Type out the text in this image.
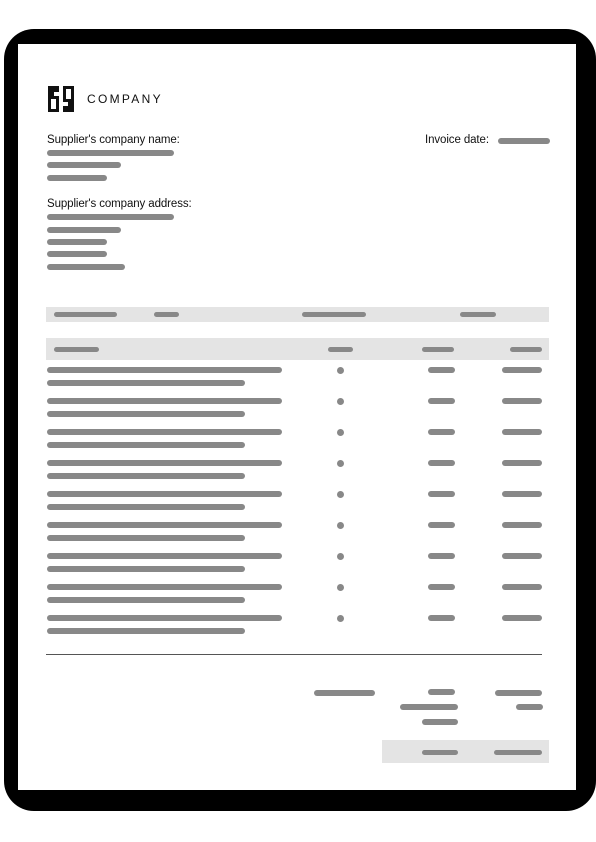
COMPANY
Supplier's company name:	Invoice date:
Supplier's company address:
